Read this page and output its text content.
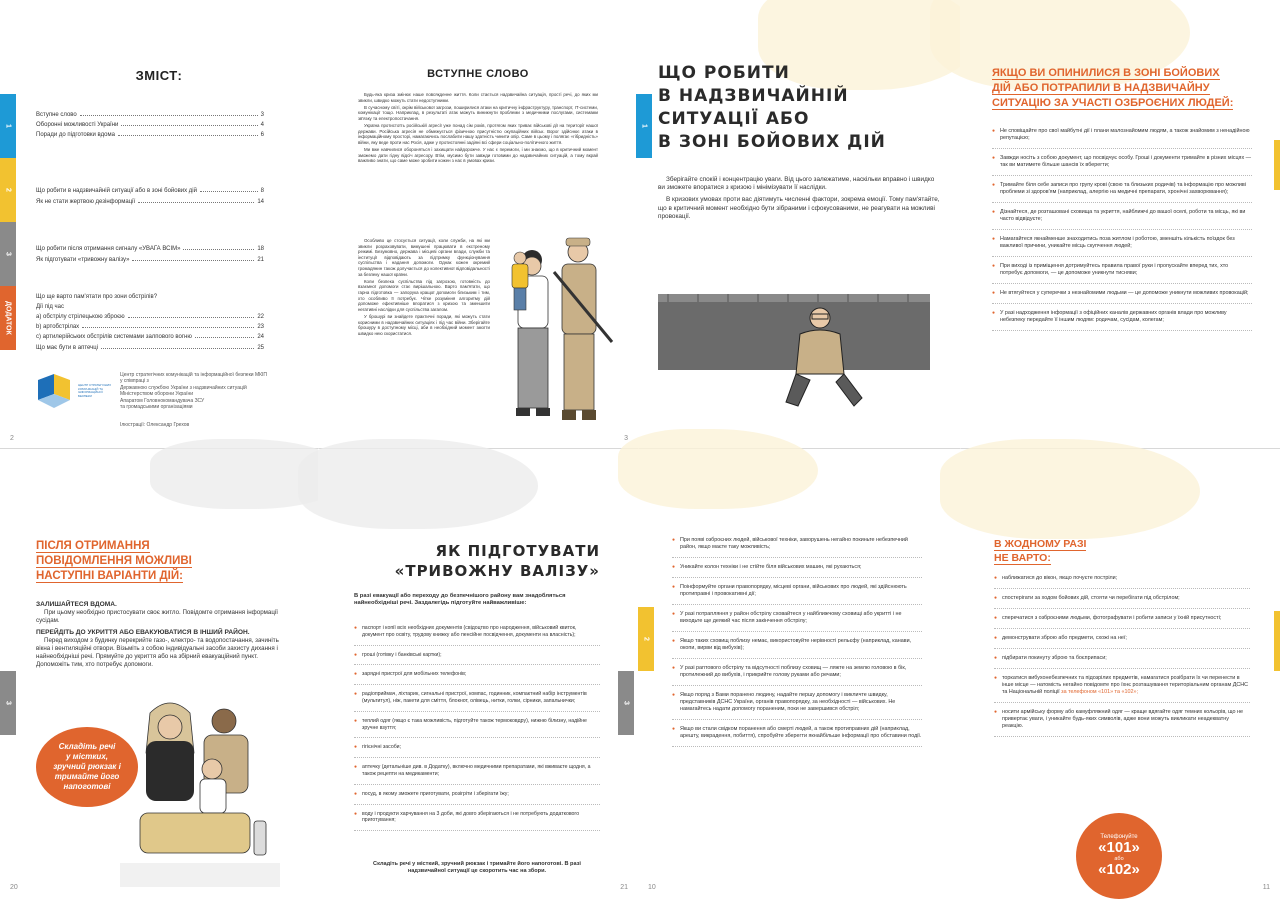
1
2
3
ДОДАТОК
ЗМІСТ:
Вступне слово	3
Оборонні можливості України	4
Поради до підготовки вдома	6
Що робити в надзвичайній ситуації або в зоні бойових дій	8
Як не стати жертвою дезінформації	14
Що робити після отримання сигналу «УВАГА ВСІМ»	18
Як підготувати «тривожну валізу»	21
Що ще варто пам'ятати про зони обстрілів?
Дії під час
а) обстрілу стрілецькою зброєю	22
b) артобстрілах	23
с) артилерійських обстрілів системами залпового вогню	24
Що має бути в аптечці	25
ЦЕНТР СТРАТЕГІЧНИХ КОМУНІКАЦІЙ ТА ІНФОРМАЦІЙНОЇ БЕЗПЕКИ
Центр стратегічних комунікацій та інформаційної безпеки МКІП
у співпраці з
Державною службою України з надзвичайних ситуацій
Міністерством оборони України
Апаратом Головнокомандувача ЗСУ
та громадськими організаціями
Ілюстрації: Олександр Грехов
2
ВСТУПНЕ СЛОВО

Будь-яка криза змінює наше повсякденне життя. Коли стається надзвичайна ситуація, прості речі, до яких ми звикли, швидко можуть стати недоступними.

В сучасному світі, окрім військової загрози, поширилися атаки на критичну інфраструктуру, транспорт, ІТ-системи, комунікації тощо. Наприклад, в результаті атак можуть виникнути проблеми з медичними послугами, системами зв'язку та електропостачання.

Україна протистоїть російській агресії уже понад сім років, протягом яких триває військові дії на території нашої держави. Російська агресія не обмежується фізичною присутністю окупаційних військ. Ворог здійснює атаки в інформаційному просторі, намагаючись послабити нашу здатність чинити опір. Саме в цьому і полягає «гібридність» війни, яку веде проти нас Росія, адже у протистоянні задіяні всі сфери соціально-політичного життя.

Ми вже навчилися обороняться і захищати найдорожче. У нас є перемоги, і ми знаємо, що в критичний момент зможемо дати гідну відсіч агресору. Втім, мусимо бути завжди готовими до надзвичайних ситуацій, а тому вкрай важливо знати, що саме може зробити кожен з нас в умовах кризи.

Особливо це стосується ситуації, коли служби, на які ми звикли розраховувати, вимушені працювати в екстреному режимі. Безумовно, держава і місцеві органи влади, служби та інституції відповідають за підтримку функціонування суспільства і надання допомоги. Однак кожен окремий громадянин також долучається до колективної відповідальності за безпеку нашої країни.

Коли безпека суспільства під загрозою, готовність до взаємної допомоги стає вирішальною. Варто пам'ятати, що гарна підготовка — запорука кращої допомоги близьким і тим, хто особливо її потребує. Чітке розуміння алгоритму дій допоможе ефективніше впоратися з кризою та зменшити негативні наслідки для суспільства загалом.

У брошурі ви знайдете практичні поради, які можуть стати корисними в надзвичайних ситуаціях і під час війни. Зберігайте брошуру в доступному місці, аби в необхідний момент змогти швидко нею скористатися.

3
1
ЩО РОБИТИ
В НАДЗВИЧАЙНІЙ
СИТУАЦІЇ АБО
В ЗОНІ БОЙОВИХ ДІЙ

Зберігайте спокій і концентрацію уваги. Від цього залежатиме, наскільки вправно і швидко ви зможете впоратися з кризою і мінімізувати її наслідки.

В кризових умовах проти вас діятимуть численні фактори, зокрема емоції. Тому пам'ятайте, що в критичний момент необхідно бути зібраними і сфокусованими, не реагувати на можливі провокації.

ЯКЩО ВИ ОПИНИЛИСЯ В ЗОНІ БОЙОВИХ
ДІЙ АБО ПОТРАПИЛИ В НАДЗВИЧАЙНУ
СИТУАЦІЮ ЗА УЧАСТІ ОЗБРОЄНИХ ЛЮДЕЙ:
● Не сповіщайте про свої майбутні дії і плани малознайомим людям, а також знайомим з ненадійною репутацією;
● Завжди носіть з собою документ, що посвідчує особу. Гроші і документи тримайте в різних місцях — так ви матимете більше шансів їх вберегти;
● Тримайте біля себе записи про групу крові (свою та близьких родичів) та інформацію про можливі проблеми зі здоров'ям (наприклад, алергію на медичні препарати, хронічні захворювання);
● Дізнайтеся, де розташовані сховища та укриття, найближчі до вашої оселі, роботи та місць, які ви часто відвідуєте;
● Намагайтеся якнайменше знаходитись поза житлом і роботою, зменшіть кількість поїздок без важливої причини, уникайте місць скупчення людей;
● При виході із приміщення дотримуйтесь правила правої руки і пропускайте вперед тих, хто потребує допомоги, — це допоможе уникнути тисняви;
● Не втягуйтеся у суперечки з незнайомими людьми — це допоможе уникнути можливих провокацій;
● У разі надходження інформації з офіційних каналів державних органів влади про можливу небезпеку передайте її іншим людям: родичам, сусідам, колегам;
3
ПІСЛЯ ОТРИМАННЯ
ПОВІДОМЛЕННЯ МОЖЛИВІ
НАСТУПНІ ВАРІАНТИ ДІЙ:
ЗАЛИШАЙТЕСЯ ВДОМА.

При цьому необхідно пристосувати своє житло. Повідомте отримання інформації сусідам.

ПЕРЕЙДІТЬ ДО УКРИТТЯ АБО ЕВАКУЮВАТИСЯ В ІНШИЙ РАЙОН.

Перед виходом з будинку перекрийте газо-, електро- та водопостачання, зачиніть вікна і вентиляційні отвори. Візьміть з собою індивідуальні засоби захисту дихання і найнеобхідніші речі. Прямуйте до укриття або на збірний евакуаційний пункт. Допоможіть тим, хто потребує допомоги.

Складіть речі
у містких,
зручний рюкзак і
тримайте його
напоготові
20
ЯК ПІДГОТУВАТИ
«ТРИВОЖНУ ВАЛІЗУ»
В разі евакуації або переходу до безпечнішого району вам знадобляться найнеобхідніші речі. Заздалегідь підготуйте найважливіше:
● паспорт і копії всіх необхідних документів (свідоцтво про народження, військовий квиток, документ про освіту, трудову книжку або пенсійне посвідчення, документи на власність);
● гроші (готівку і банківські картки);
● зарядні пристрої для мобільних телефонів;
● радіоприймач, ліхтарик, сигнальні пристрої, компас, годинник, компактний набір інструментів (мультитул), ніж, пакети для сміття, блокнот, олівець, нитки, голки, сірники, запальнички;
● теплий одяг (якщо є така можливість, підготуйте також термоковдру), нижню білизну, надійне зручне взуття;
● гігієнічні засоби;
● аптечку (детальніше див. в Додатку), включно медичними препаратами, які вживаєте щодня, а також рецепти на медикаменти;
● посуд, в якому зможете приготувати, розігріти і зберігати їжу;
● воду і продукти харчування на 3 доби, які довго зберігаються і не потребують додаткового приготування;
Складіть речі у місткий, зручний рюкзак і тримайте його напоготові. В разі надзвичайної ситуації це скоротить час на збори.
21
2
3
● При появі озброєних людей, військової техніки, заворушень негайно покиньте небезпечний район, якщо маєте таку можливість;
● Уникайте колон техніки і не стійте біля військових машин, які рухаються;
● Поінформуйте органи правопорядку, місцеві органи, військових про людей, які здійснюють протиправні і провокативні дії;
● У разі потрапляння у район обстрілу сховайтеся у найближчому сховищі або укритті і не виходьте ще деякий час після закінчення обстрілу;
● Якщо таких сховищ поблизу немає, використовуйте нерівності рельєфу (наприклад, канави, окопи, вирви від вибухів);
● У разі раптового обстрілу та відсутності поблизу сховищ — ляжте на землю головою в бік, протилежний до вибухів, і прикрийте голову руками або речами;
● Якщо поряд з Вами поранено людину, надайте першу допомогу і викличте швидку, представників ДСНС України, органів правопорядку, за необхідності — військових. Не намагайтесь надати допомогу пораненим, поки не завершився обстріл;
● Якщо ви стали свідком поранення або смерті людей, а також протиправних дій (наприклад, арешту, викрадення, побиття), спробуйте зберегти якнайбільше інформації про обставини події.
10
В ЖОДНОМУ РАЗІ
НЕ ВАРТО:
● наближатися до вікон, якщо почуєте постріли;
● спостерігати за ходом бойових дій, стояти чи перебігати під обстрілом;
● сперечатися з озброєними людьми, фотографувати і робити записи у їхній присутності;
● демонструвати зброю або предмети, схожі на неї;
● підбирати покинуту зброю та боєприпаси;
● торкатися вибухонебезпечних та підозрілих предметів, намагатися розібрати їх чи перенести в інше місце — натомість негайно повідомте про їхнє розташування територіальним органам ДСНС та Національній поліції за телефоном «101» та «102»;
● носити армійську форму або камуфляжний одяг — краще вдягайте одяг темних кольорів, що не привертає уваги, і уникайте будь-яких символів, адже вони можуть викликати неадекватну реакцію.
Телефонуйте
«101»
або
«102»
11
